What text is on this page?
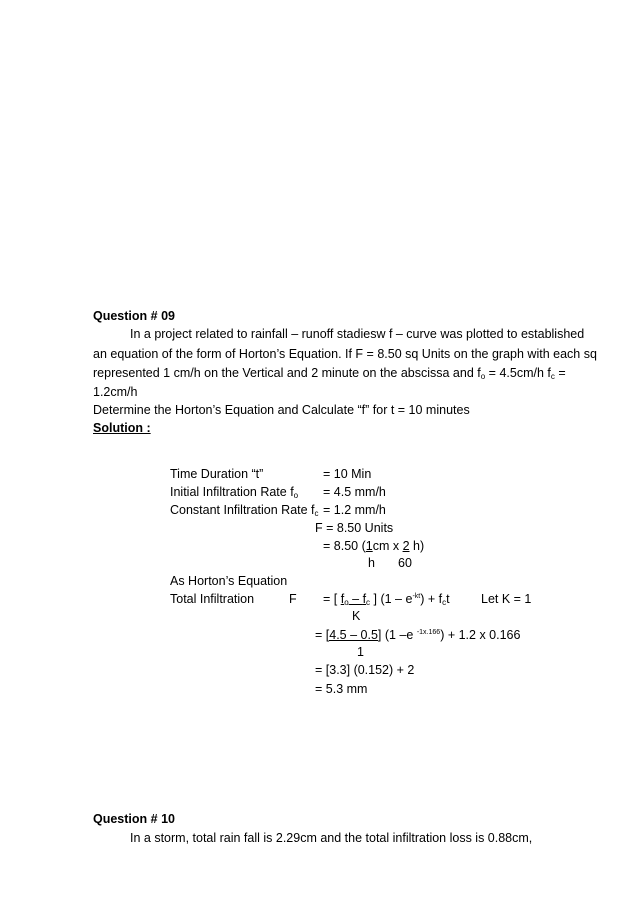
Question # 09
In a project related to rainfall – runoff stadiesw f – curve was plotted to established
an equation of the form of Horton’s Equation. If F = 8.50 sq Units on the graph with each sq
represented 1 cm/h on the Vertical and 2 minute on the abscissa and $f_o = 4.5cm/h$ $f_c$ =
1.2cm/h
Determine the Horton’s Equation and Calculate “f” for t = 10 minutes
Solution :
Time Duration “t”	= 10 Min
Initial Infiltration Rate $f_o = 4.5$ mm/h
Constant Infiltration Rate $f_c = 1.2$ mm/h
F = 8.50 Units
= 8.50 (1cm x 2 h)
h 60
As Horton’s Equation
Total Infiltration	F = [ $f_o - f_c$ ] $(1 - e^{-kt}) + f_ct$	Let K = 1
K
= [4.5 – 0.5] (1 –e $^{-1x.166}$) + 1.2 x 0.166
1
= [3.3] (0.152) + 2
= 5.3 mm
Question # 10
In a storm, total rain fall is 2.29cm and the total infiltration loss is 0.88cm,
